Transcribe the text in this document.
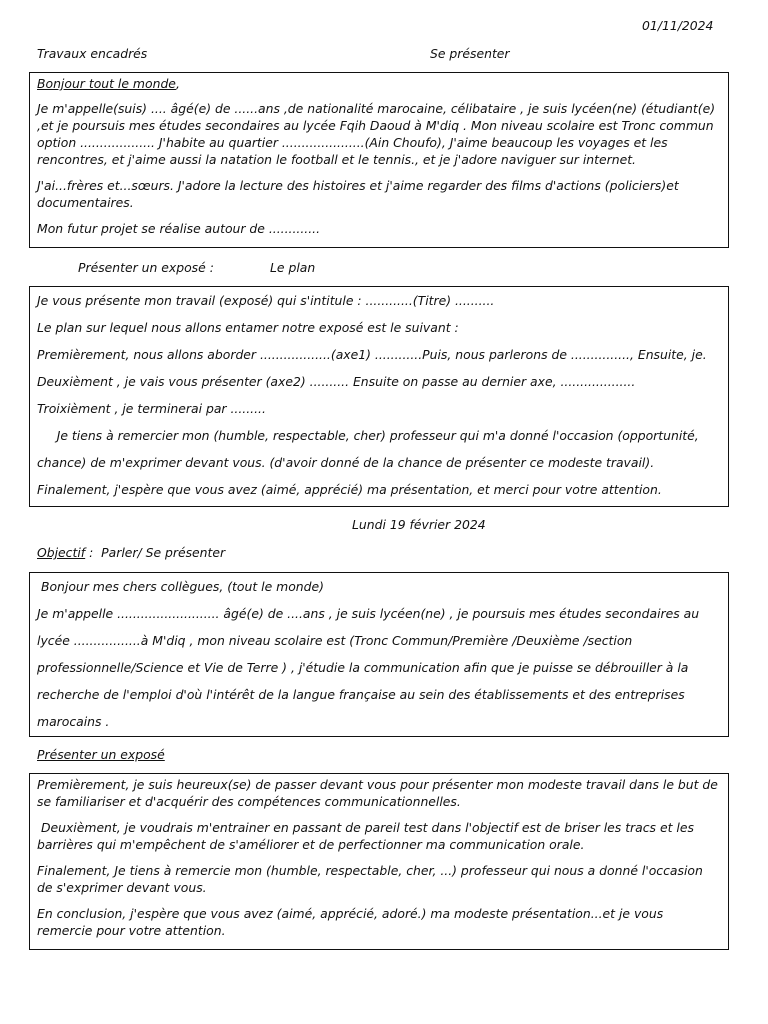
01/11/2024
Travaux encadrés	Se présenter

Bonjour tout le monde,

Je m'appelle(suis) .... âgé(e) de ......ans ,de nationalité marocaine, célibataire , je suis lycéen(ne) (étudiant(e) ,et je poursuis mes études secondaires au lycée Fqih Daoud à M'diq . Mon niveau scolaire est Tronc commun option ................... J'habite au quartier .....................(Ain Choufo), J'aime beaucoup les voyages et les rencontres, et j'aime aussi la natation le football et le tennis., et je j'adore naviguer sur internet.

J'ai...frères et...sœurs. J'adore la lecture des histoires et j'aime regarder des films d'actions (policiers)et documentaires.

Mon futur projet se réalise autour de .............

Présenter un exposé :	Le plan

Je vous présente mon travail (exposé) qui s'intitule : ............(Titre) ..........

Le plan sur lequel nous allons entamer notre exposé est le suivant :

Premièrement, nous allons aborder ..................(axe1) ............Puis, nous parlerons de ..............., Ensuite, je.

Deuxièment , je vais vous présenter (axe2) .......... Ensuite on passe au dernier axe, ...................

Troixièment , je terminerai par .........

Je tiens à remercier mon (humble, respectable, cher) professeur qui m'a donné l'occasion (opportunité,

chance) de m'exprimer devant vous. (d'avoir donné de la chance de présenter ce modeste travail).

Finalement, j'espère que vous avez (aimé, apprécié) ma présentation, et merci pour votre attention.

Lundi 19 février 2024
Objectif :  Parler/ Se présenter

Bonjour mes chers collègues, (tout le monde)

Je m'appelle .......................... âgé(e) de ....ans , je suis lycéen(ne) , je poursuis mes études secondaires au

lycée .................à M'diq , mon niveau scolaire est (Tronc Commun/Première /Deuxième /section

professionnelle/Science et Vie de Terre ) , j'étudie la communication afin que je puisse se débrouiller à la

recherche de l'emploi d'où l'intérêt de la langue française au sein des établissements et des entreprises

marocains .

Présenter un exposé

Premièrement, je suis heureux(se) de passer devant vous pour présenter mon modeste travail dans le but de se familiariser et d'acquérir des compétences communicationnelles.

Deuxièment, je voudrais m'entrainer en passant de pareil test dans l'objectif est de briser les tracs et les barrières qui m'empêchent de s'améliorer et de perfectionner ma communication orale.

Finalement, Je tiens à remercie mon (humble, respectable, cher, ...) professeur qui nous a donné l'occasion de s'exprimer devant vous.

En conclusion, j'espère que vous avez (aimé, apprécié, adoré.) ma modeste présentation...et je vous remercie pour votre attention.
